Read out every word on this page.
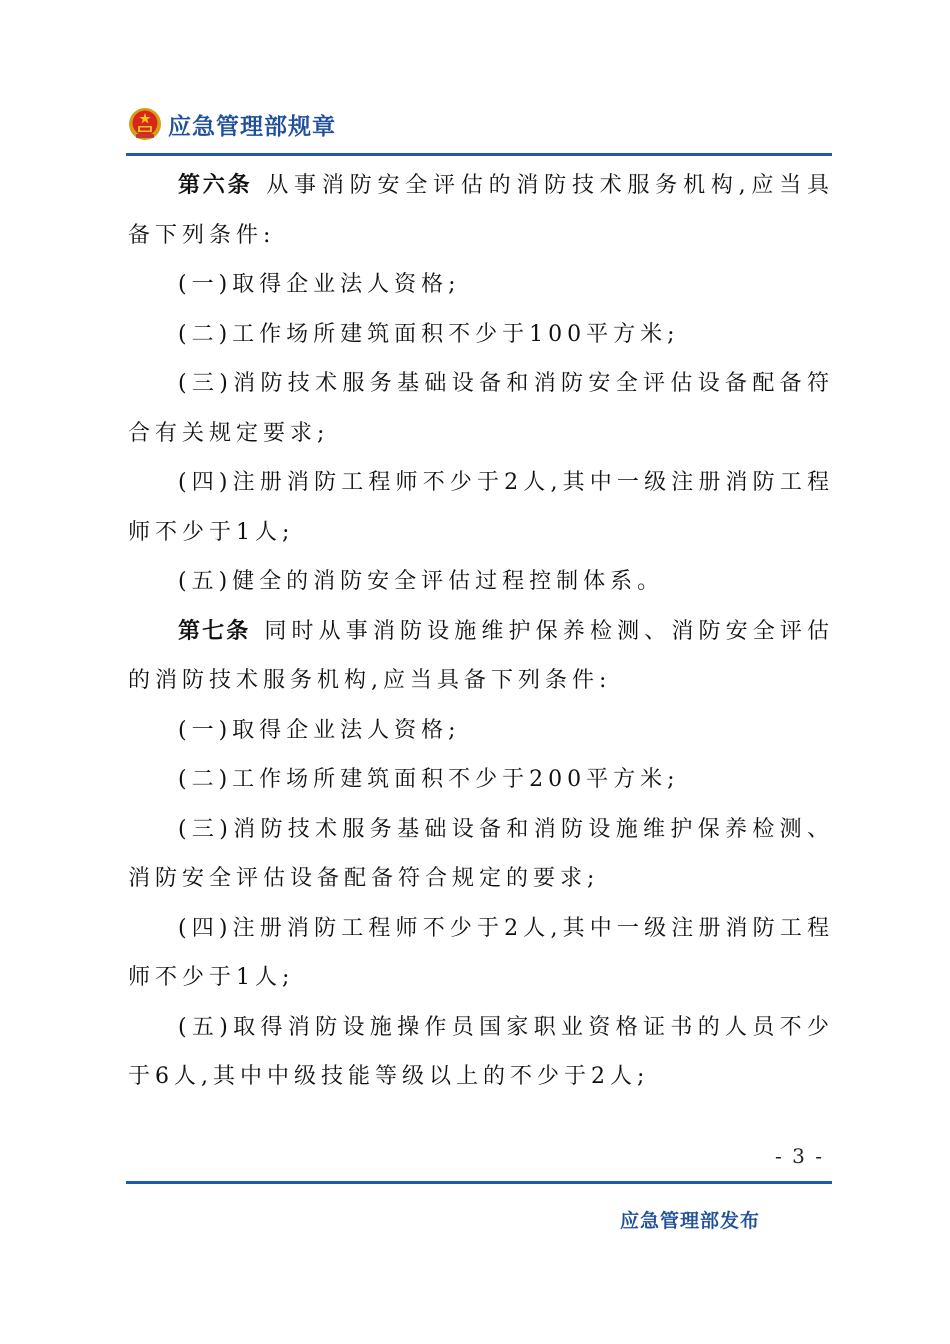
应急管理部规章

第六条 从事消防安全评估的消防技术服务机构,应当具备下列条件:

(一)取得企业法人资格;

(二)工作场所建筑面积不少于100平方米;

(三)消防技术服务基础设备和消防安全评估设备配备符合有关规定要求;

(四)注册消防工程师不少于2人,其中一级注册消防工程师不少于1人;

(五)健全的消防安全评估过程控制体系。

第七条 同时从事消防设施维护保养检测、消防安全评估的消防技术服务机构,应当具备下列条件:

(一)取得企业法人资格;

(二)工作场所建筑面积不少于200平方米;

(三)消防技术服务基础设备和消防设施维护保养检测、消防安全评估设备配备符合规定的要求;

(四)注册消防工程师不少于2人,其中一级注册消防工程师不少于1人;

(五)取得消防设施操作员国家职业资格证书的人员不少于6人,其中中级技能等级以上的不少于2人;

- 3 -
应急管理部发布
